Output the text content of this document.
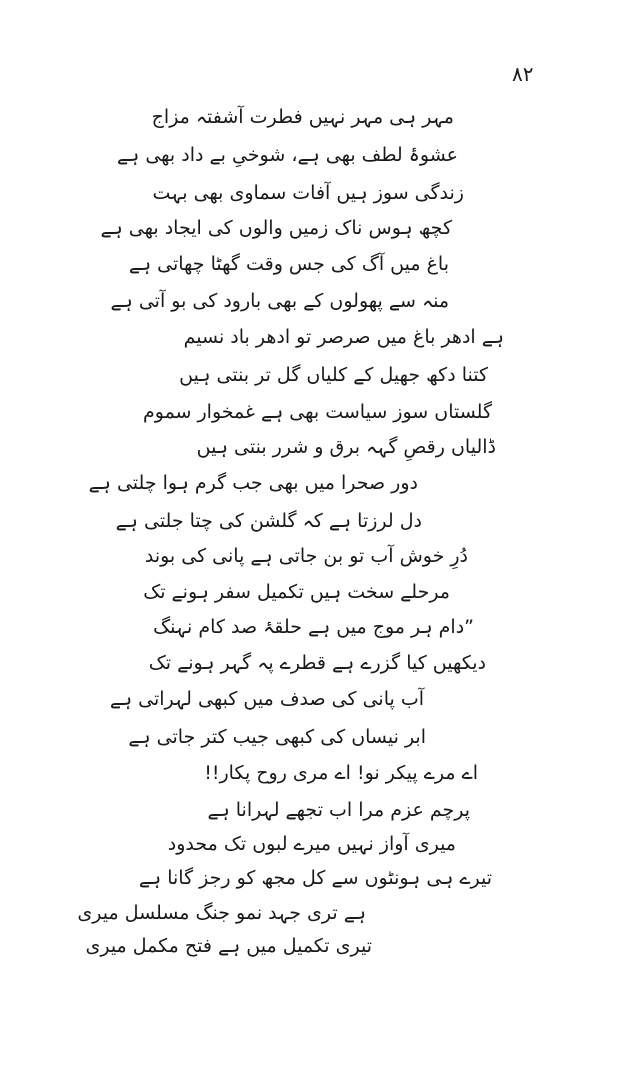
۸۲
مہر ہی مہر نہیں فطرت آشفتہ مزاج
عشوۂ لطف بھی ہے، شوخیِ بے داد بھی ہے
زندگی سوز ہیں آفات سماوی بھی بہت
کچھ ہوس ناک زمیں والوں کی ایجاد بھی ہے
باغ میں آگ کی جس وقت گھٹا چھاتی ہے
منہ سے پھولوں کے بھی بارود کی بو آتی ہے
ہے ادھر باغ میں صرصر تو ادھر باد نسیم
کتنا دکھ جھیل کے کلیاں گل تر بنتی ہیں
گلستاں سوز سیاست بھی ہے غمخوار سموم
ڈالیاں رقصِ گہہ برق و شرر بنتی ہیں
دور صحرا میں بھی جب گرم ہوا چلتی ہے
دل لرزتا ہے کہ گلشن کی چتا جلتی ہے
دُرِ خوش آب تو بن جاتی ہے پانی کی بوند
مرحلے سخت ہیں تکمیل سفر ہونے تک
”دام ہر موج میں ہے حلقۂ صد کام نہنگ
دیکھیں کیا گزرے ہے قطرے پہ گہر ہونے تک
آب پانی کی صدف میں کبھی لہراتی ہے
ابر نیساں کی کبھی جیب کتر جاتی ہے
اے مرے پیکر نو! اے مری روح پکار!!
پرچم عزم مرا اب تجھے لہرانا ہے
میری آواز نہیں میرے لبوں تک محدود
تیرے ہی ہونٹوں سے کل مجھ کو رجز گانا ہے
ہے تری جہد نمو جنگ مسلسل میری
تیری تکمیل میں ہے فتح مکمل میری
